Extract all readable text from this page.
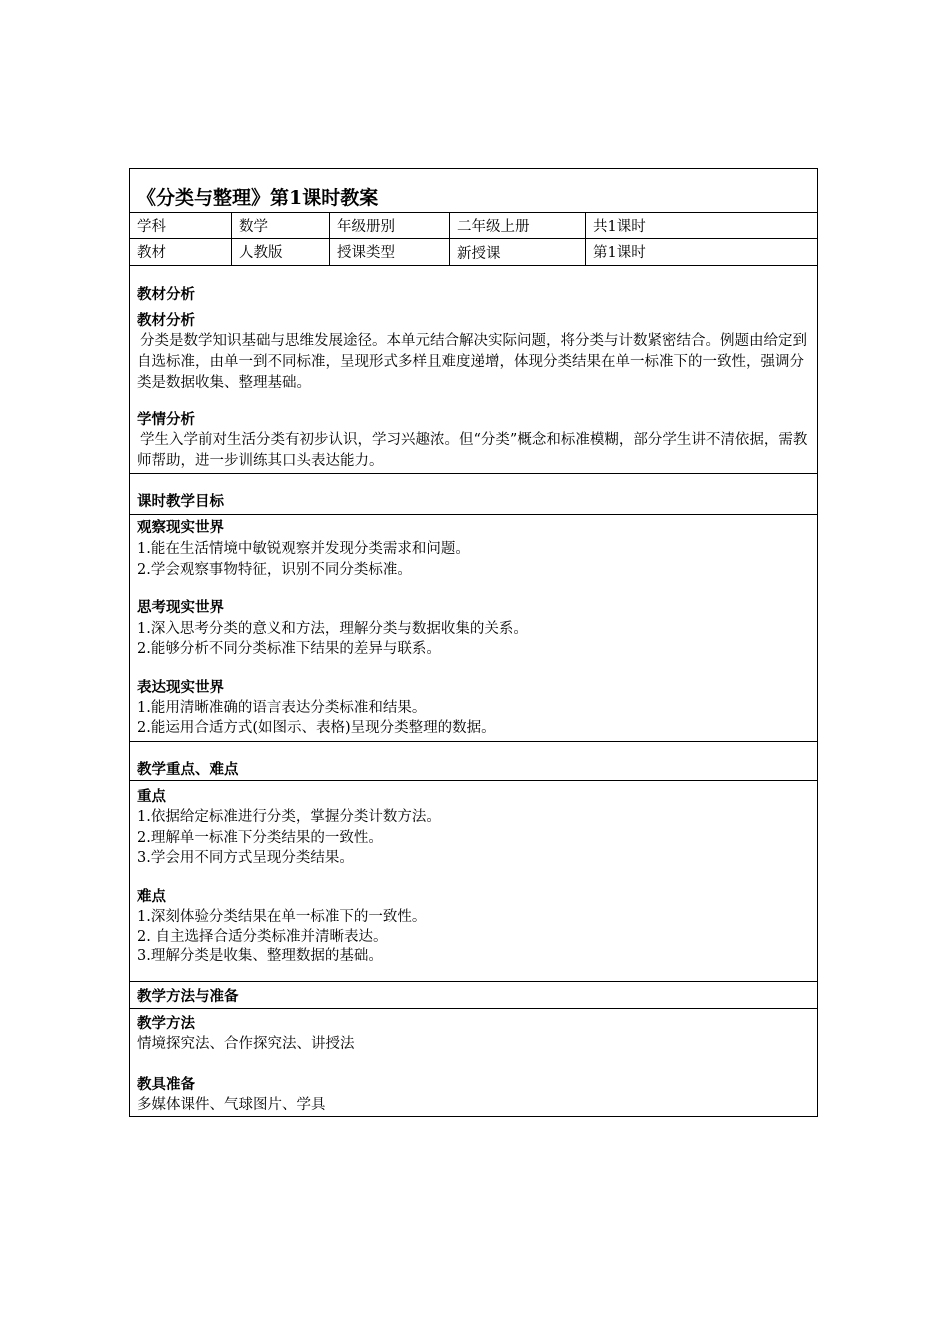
《分类与整理》第1课时教案
学科	数学	年级册别	二年级上册	共1课时
教材	人教版	授课类型	新授课	第1课时
教材分析
教材分析
分类是数学知识基础与思维发展途径。本单元结合解决实际问题，将分类与计数紧密结合。例题由给定到自选标准，由单一到不同标准，呈现形式多样且难度递增，体现分类结果在单一标准下的一致性，强调分类是数据收集、整理基础。
学情分析
学生入学前对生活分类有初步认识，学习兴趣浓。但“分类”概念和标准模糊，部分学生讲不清依据，需教师帮助，进一步训练其口头表达能力。
课时教学目标
观察现实世界
1.能在生活情境中敏锐观察并发现分类需求和问题。
2.学会观察事物特征，识别不同分类标准。
思考现实世界
1.深入思考分类的意义和方法，理解分类与数据收集的关系。
2.能够分析不同分类标准下结果的差异与联系。
表达现实世界
1.能用清晰准确的语言表达分类标准和结果。
2.能运用合适方式(如图示、表格)呈现分类整理的数据。
教学重点、难点
重点
1.依据给定标准进行分类，掌握分类计数方法。
2.理解单一标准下分类结果的一致性。
3.学会用不同方式呈现分类结果。
难点
1.深刻体验分类结果在单一标准下的一致性。
2. 自主选择合适分类标准并清晰表达。
3.理解分类是收集、整理数据的基础。
教学方法与准备
教学方法
情境探究法、合作探究法、讲授法
教具准备
多媒体课件、气球图片、学具
